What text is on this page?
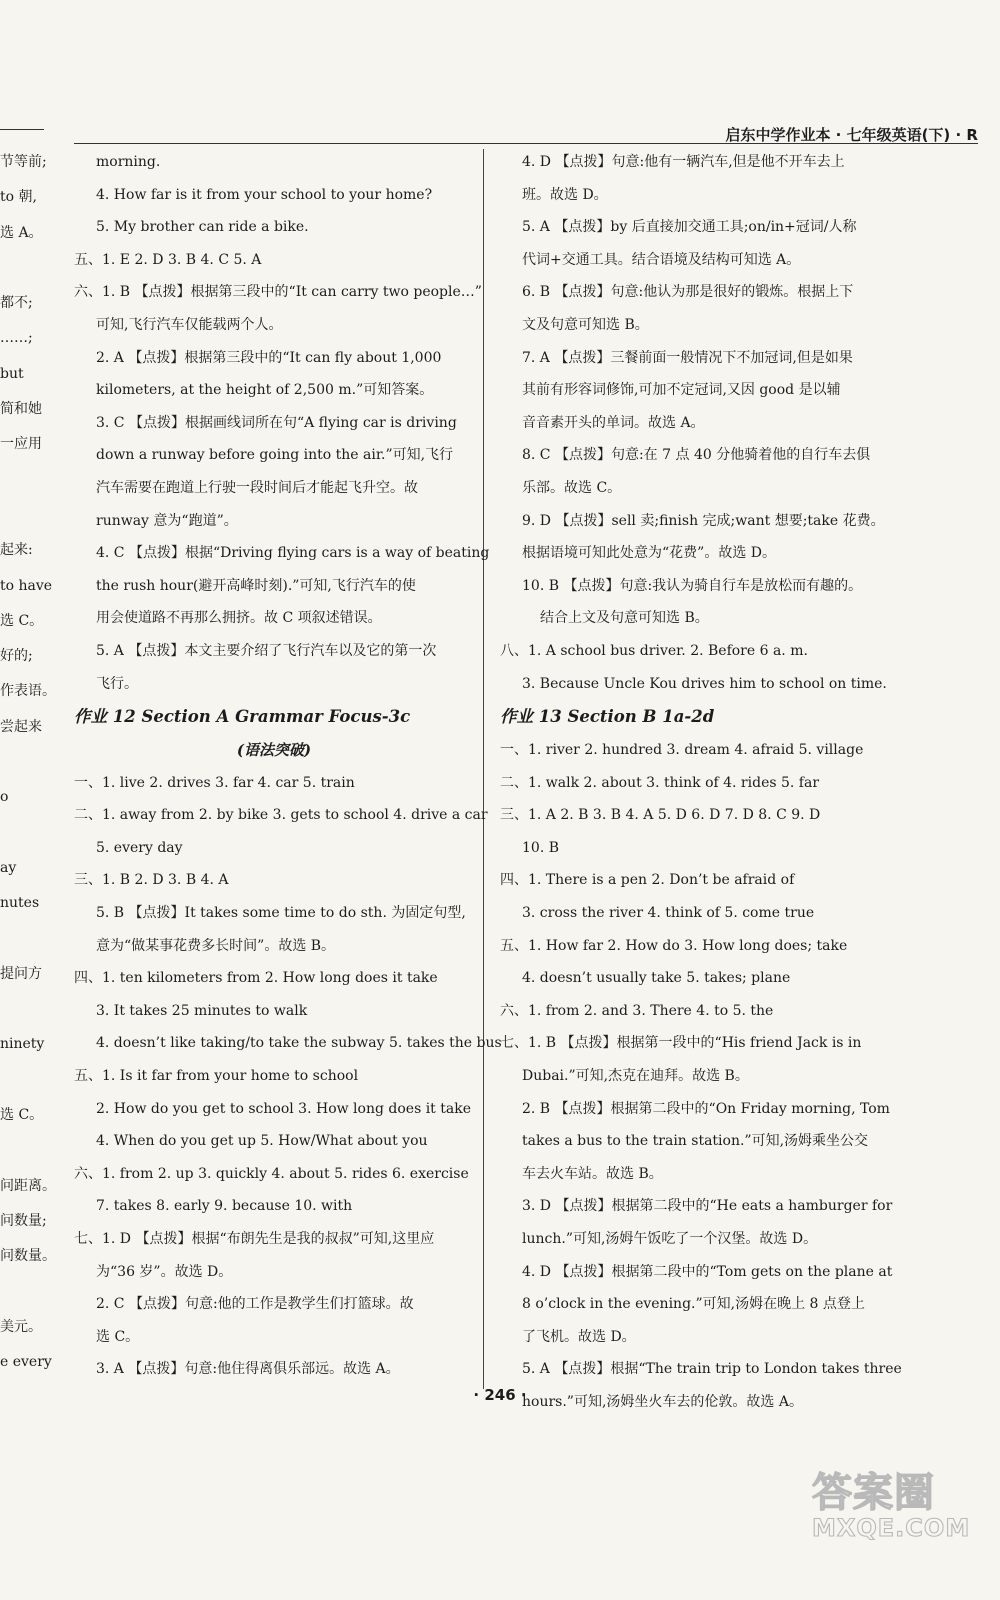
启东中学作业本 · 七年级英语(下) · R
节等前;
to 朝,
选 A。
都不;
……;
but
简和她
一应用
起来:
to have
选 C。
好的;
作表语。
尝起来
o
ay
nutes
提问方
ninety
选 C。
问距离。
问数量;
问数量。
美元。
e every
morning.
4. How far is it from your school to your home?
5. My brother can ride a bike.
五、1. E 2. D 3. B 4. C 5. A
六、1. B 【点拨】根据第三段中的“It can carry two people…”
可知,飞行汽车仅能载两个人。
2. A 【点拨】根据第三段中的“It can fly about 1,000
kilometers, at the height of 2,500 m.”可知答案。
3. C 【点拨】根据画线词所在句“A flying car is driving
down a runway before going into the air.”可知,飞行
汽车需要在跑道上行驶一段时间后才能起飞升空。故
runway 意为“跑道”。
4. C 【点拨】根据“Driving flying cars is a way of beating
the rush hour(避开高峰时刻).”可知,飞行汽车的使
用会使道路不再那么拥挤。故 C 项叙述错误。
5. A 【点拨】本文主要介绍了飞行汽车以及它的第一次
飞行。
作业 12 Section A Grammar Focus-3c
(语法突破)
一、1. live 2. drives 3. far 4. car 5. train
二、1. away from 2. by bike 3. gets to school 4. drive a car
5. every day
三、1. B 2. D 3. B 4. A
5. B 【点拨】It takes some time to do sth. 为固定句型,
意为“做某事花费多长时间”。故选 B。
四、1. ten kilometers from 2. How long does it take
3. It takes 25 minutes to walk
4. doesn’t like taking/to take the subway 5. takes the bus
五、1. Is it far from your home to school
2. How do you get to school 3. How long does it take
4. When do you get up 5. How/What about you
六、1. from 2. up 3. quickly 4. about 5. rides 6. exercise
7. takes 8. early 9. because 10. with
七、1. D 【点拨】根据“布朗先生是我的叔叔”可知,这里应
为“36 岁”。故选 D。
2. C 【点拨】句意:他的工作是教学生们打篮球。故
选 C。
3. A 【点拨】句意:他住得离俱乐部远。故选 A。
4. D 【点拨】句意:他有一辆汽车,但是他不开车去上
班。故选 D。
5. A 【点拨】by 后直接加交通工具;on/in+冠词/人称
代词+交通工具。结合语境及结构可知选 A。
6. B 【点拨】句意:他认为那是很好的锻炼。根据上下
文及句意可知选 B。
7. A 【点拨】三餐前面一般情况下不加冠词,但是如果
其前有形容词修饰,可加不定冠词,又因 good 是以辅
音音素开头的单词。故选 A。
8. C 【点拨】句意:在 7 点 40 分他骑着他的自行车去俱
乐部。故选 C。
9. D 【点拨】sell 卖;finish 完成;want 想要;take 花费。
根据语境可知此处意为“花费”。故选 D。
10. B 【点拨】句意:我认为骑自行车是放松而有趣的。
结合上文及句意可知选 B。
八、1. A school bus driver. 2. Before 6 a. m.
3. Because Uncle Kou drives him to school on time.
作业 13 Section B 1a-2d
一、1. river 2. hundred 3. dream 4. afraid 5. village
二、1. walk 2. about 3. think of 4. rides 5. far
三、1. A 2. B 3. B 4. A 5. D 6. D 7. D 8. C 9. D
10. B
四、1. There is a pen 2. Don’t be afraid of
3. cross the river 4. think of 5. come true
五、1. How far 2. How do 3. How long does; take
4. doesn’t usually take 5. takes; plane
六、1. from 2. and 3. There 4. to 5. the
七、1. B 【点拨】根据第一段中的“His friend Jack is in
Dubai.”可知,杰克在迪拜。故选 B。
2. B 【点拨】根据第二段中的“On Friday morning, Tom
takes a bus to the train station.”可知,汤姆乘坐公交
车去火车站。故选 B。
3. D 【点拨】根据第二段中的“He eats a hamburger for
lunch.”可知,汤姆午饭吃了一个汉堡。故选 D。
4. D 【点拨】根据第二段中的“Tom gets on the plane at
8 o’clock in the evening.”可知,汤姆在晚上 8 点登上
了飞机。故选 D。
5. A 【点拨】根据“The train trip to London takes three
hours.”可知,汤姆坐火车去的伦敦。故选 A。
· 246 ·
答案圈
MXQE.COM
